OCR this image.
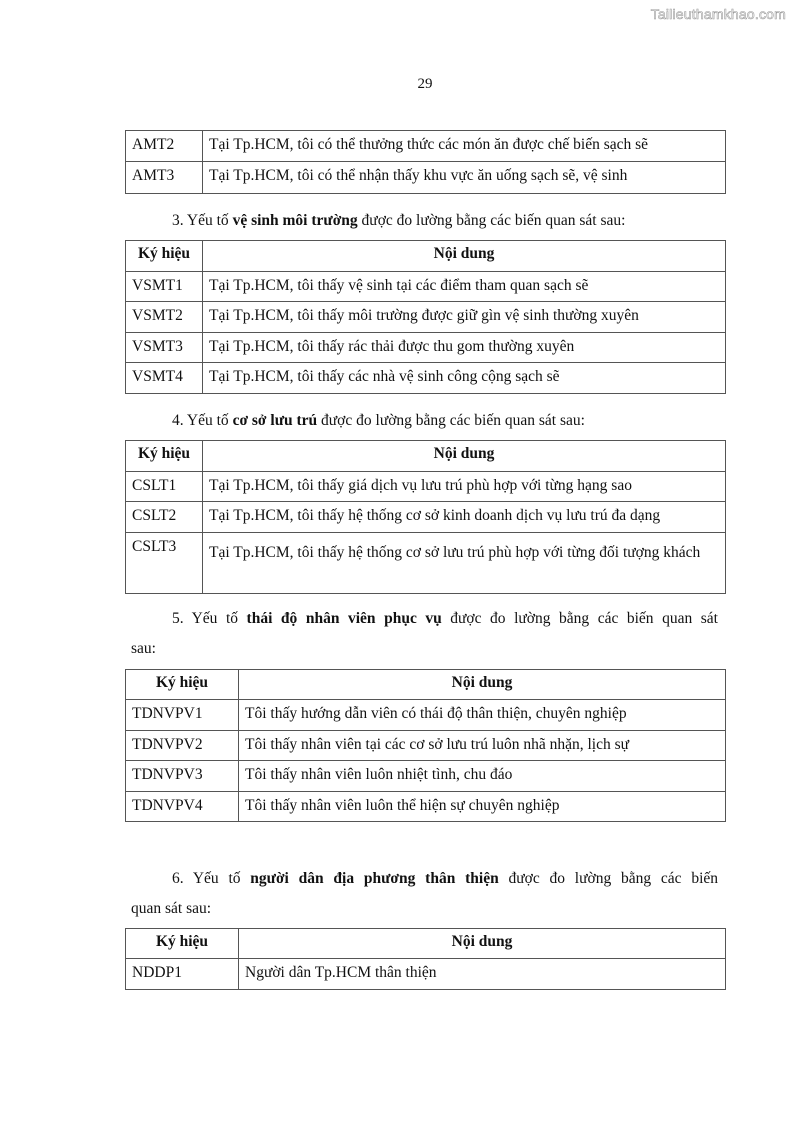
Tailieuthamkhao.com
29
AMT2	Tại Tp.HCM, tôi có thể thưởng thức các món ăn được chế biến sạch sẽ
AMT3	Tại Tp.HCM, tôi có thể nhận thấy khu vực ăn uống sạch sẽ, vệ sinh
3. Yếu tố vệ sinh môi trường được đo lường bằng các biến quan sát sau:
Ký hiệu	Nội dung
VSMT1	Tại Tp.HCM, tôi thấy vệ sinh tại các điểm tham quan sạch sẽ
VSMT2	Tại Tp.HCM, tôi thấy môi trường được giữ gìn vệ sinh thường xuyên
VSMT3	Tại Tp.HCM, tôi thấy rác thải được thu gom thường xuyên
VSMT4	Tại Tp.HCM, tôi thấy các nhà vệ sinh công cộng sạch sẽ
4. Yếu tố cơ sở lưu trú được đo lường bằng các biến quan sát sau:
Ký hiệu	Nội dung
CSLT1	Tại Tp.HCM, tôi thấy giá dịch vụ lưu trú phù hợp với từng hạng sao
CSLT2	Tại Tp.HCM, tôi thấy hệ thống cơ sở kinh doanh dịch vụ lưu trú đa dạng
CSLT3	Tại Tp.HCM, tôi thấy hệ thống cơ sở lưu trú phù hợp với từng đối tượng khách
5. Yếu tố thái độ nhân viên phục vụ được đo lường bằng các biến quan sát
sau:
Ký hiệu	Nội dung
TDNVPV1	Tôi thấy hướng dẫn viên có thái độ thân thiện, chuyên nghiệp
TDNVPV2	Tôi thấy nhân viên tại các cơ sở lưu trú luôn nhã nhặn, lịch sự
TDNVPV3	Tôi thấy nhân viên luôn nhiệt tình, chu đáo
TDNVPV4	Tôi thấy nhân viên luôn thể hiện sự chuyên nghiệp
6. Yếu tố người dân địa phương thân thiện được đo lường bằng các biến
quan sát sau:
Ký hiệu	Nội dung
NDDP1	Người dân Tp.HCM thân thiện
